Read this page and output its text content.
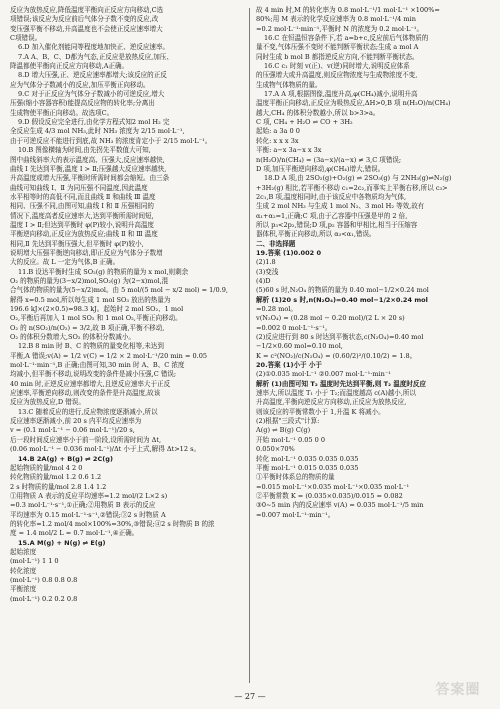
反应为放热反应,降低温度平衡向正反应方向移动,C选
项错误;该反应为反应前后气体分子数不变的反应,改
变压强平衡不移动,升高温度也不会使正反应速率增大
C项错误。
6.D 加入催化剂能同等程度地加快正、逆反应速率。
7.A A、B、C、D都为气态,正反应是放热反应,加压、
降温都使平衡向正反应方向移动,A正确。
8.D 增大压强,正、逆反应速率都增大;该反应的正反
应为气体分子数减小的反应,加压平衡正向移动。
9.C 对于正反应为气体分子数减小的可逆反应,增大
压强(缩小容器容积)能提高反应物的转化率;分离出
生成物使平衡正向移动。故选项C。
9.D 假设反应完全进行,由化学方程式知2 mol H₂ 完
全反应生成 4/3 mol NH₃,此时 NH₃ 浓度为 2/15 mol·L⁻¹,
由于可逆反应不能进行到底,故 NH₃ 的浓度肯定小于 2/15 mol·L⁻¹。
10.B 图像横轴为时间,由先拐先平数值大可知,
图中曲线斜率大的表示温度高、压强大,反应速率越快,
曲线 Ⅰ 先达到平衡,温度 Ⅰ > Ⅱ;压强越大反应速率越快,
升高温度或增大压强,平衡时所需时间都会缩短。由三条
曲线可知曲线 Ⅰ、Ⅱ 为同压强不同温度,因此温度
水平相等时的高低不同,而且曲线 Ⅱ 和曲线 Ⅲ 温度
相同、压强不同,由图可知,曲线 Ⅰ 和 Ⅱ 压强相同的
情况下,温度高者反应速率大,达到平衡所需时间短,
温度 Ⅰ > Ⅱ;但达到平衡时 φ(P)较小,说明升高温度
平衡逆向移动,正反应为放热反应;曲线 Ⅱ 和 Ⅲ 温度
相同,Ⅱ 先达到平衡压强大,但平衡时 φ(P)较小,
说明增大压强平衡逆向移动,即正反应为气体分子数增
大的反应。故 L 一定为气体,B 正确。
11.B 设达平衡时生成 SO₂(g) 的物质的量为 x mol,则剩余
O₂ 的物质的量为(3−x/2)mol,SO₂(g) 为(2−x)mol,混
合气体的物质的量为(5−x/2)mol。由 5 mol/(5 mol − x/2 mol) = 1/0.9,
解得 x=0.5 mol,所以每生成 1 mol SO₃ 放出的热量为
196.6 kJ×(2×0.5)=98.3 kJ。起始时 2 mol SO₂、1 mol
O₂,平衡后再加入 1 mol SO₂ 和 1 mol O₂,平衡正向移动。
O₂ 的 n(SO₂)/n(O₂) = 3/2,故 B 项正确,平衡不移动,
O₂ 的体积分数增大,SO₂ 的体积分数减小。
12.B 8 min 时 B、C 的物质的量变化相等,未达到
平衡,A 错误;v(A) = 1/2 v(C) = 1/2 × 2 mol·L⁻¹/20 min = 0.05
mol·L⁻¹·min⁻¹,B 正确;由图可知,30 min 时 A、B、C 浓度
均减小,但平衡不移动,说明改变的条件是减小压强,C 错误;
40 min 时,正逆反应速率都增大,且逆反应速率大于正反
应速率,平衡逆向移动,则改变的条件是升高温度,故该
反应为放热反应,D 错误。
13.C 随着反应的进行,反应物浓度逐渐减小,所以
反应速率逐渐减小,前 20 s 内平均反应速率为
v = (0.1 mol·L⁻¹ − 0.06 mol·L⁻¹)/20 s,
后一段时间反应速率小于前一阶段,设所需时间为 Δt,
(0.06 mol·L⁻¹ − 0.036 mol·L⁻¹)/Δt 小于上式,解得 Δt>12 s。
14.B 2A(g) + B(g) ⇌ 2C(g)
起始物质的量/mol 4 2 0
转化物质的量/mol 1.2 0.6 1.2
2 s 时物质的量/mol 2.8 1.4 1.2
①用物质 A 表示的反应平均速率=1.2 mol/(2 L×2 s)
=0.3 mol·L⁻¹·s⁻¹,①正确;②用物质 B 表示的反应
平均速率为 0.15 mol·L⁻¹·s⁻¹,②错误;③2 s 时物质 A
的转化率=1.2 mol/4 mol×100%=30%,③错误;④2 s 时物质 B 的浓
度 = 1.4 mol/2 L = 0.7 mol·L⁻¹,④正确。
15.A M(g) + N(g) ⇌ E(g)
起始浓度
(mol·L⁻¹) 1 1 0
转化浓度
(mol·L⁻¹) 0.8 0.8 0.8
平衡浓度
(mol·L⁻¹) 0.2 0.2 0.8
故 4 min 时,M 的转化率为 0.8 mol·L⁻¹/1 mol·L⁻¹ ×100%=
80%;用 M 表示的化学反应速率为 0.8 mol·L⁻¹/4 min
=0.2 mol·L⁻¹·min⁻¹,平衡时 N 的浓度为 0.2 mol·L⁻¹。
16.C 在恒温恒容条件下,若 a=b+c,反应前后气体物质的
量不变,气体压强不变时不能判断平衡状态;生成 a mol A
同时生成 b mol B 都指逆反应方向,不能判断平衡状态。
16.C c₁ 时刻 v(正)、v(逆)同时增大,说明反应体系
的压强增大或升高温度,则反应物浓度与生成物浓度不变,
生成物气体物质的量。
17.A A 项,根据图像,温度升高,φ(CH₄)减小,说明升高
温度平衡正向移动,正反应为吸热反应,ΔH>0,B 项 n(H₂O)/n(CH₄)
越大,CH₄ 的体积分数越小,所以 b>3>a。
C 项, CH₄ + H₂O ⇌ CO + 3H₂
起始: a 3a 0 0
转化: x x x 3x
平衡: a−x 3a−x x 3x
n(H₂O)/n(CH₄) = (3a−x)/(a−x) ≠ 3,C 项错误;
D 项,加压平衡逆向移动,φ(CH₄)增大,错误。
18.D A 项,由 2SO₂(g)+O₂(g) ⇌ 2SO₃(g) 与 2NH₃(g)⇌N₂(g)
+3H₂(g) 相比,若平衡不移动 c₁=2c₂,而事实上平衡右移,所以 c₃>
2c₁,B 项,温度相同时,由于该反应中各物质均为气体,
生成 2 mol NH₃ 与生成 1 mol N₂、3 mol H₂ 等效,故有
α₁+α₂=1,正确;C 项,由于乙容器中压强是甲的 2 倍,
所以 p₃<2p₂,错误;D 项,p₂ 容器和甲相比,相当于压缩容
器体积,平衡正向移动,所以 α₃<α₁,错误。
二、非选择题
19.答案 (1)0.002 0
(2)1.8
(3)变浅
(4)D
(5)60 s 时,N₂O₄ 的物质的量为 0.40 mol−1/2×0.24 mol
解析 (1)20 s 时,n(N₂O₄)=0.40 mol−1/2×0.24 mol
=0.28 mol。
v(N₂O₄) = (0.28 mol − 0.20 mol)/(2 L × 20 s)
=0.002 0 mol·L⁻¹·s⁻¹。
(2)反应进行到 80 s 时达到平衡状态,c(N₂O₄)=0.40 mol
−1/2×0.60 mol=0.10 mol,
K = c²(NO₂)/c(N₂O₄) = (0.60/2)²/(0.10/2) = 1.8。
20.答案 (1)小于 小于
(2)①0.035 mol·L⁻¹ ②0.007 mol·L⁻¹·min⁻¹
解析 (1)由图可知 T₂ 温度时先达到平衡,则 T₂ 温度时反应
速率大,所以温度 T₁ 小于 T₂;而温度越高 c(A)越小,所以
升高温度,平衡向逆反应方向移动,正反应为放热反应,
则该反应的平衡常数小于 1,升温 K 将减小。
(2)根据"三段式"计算:
A(g) ⇌ B(g) C(g)
开始 mol·L⁻¹ 0.05 0 0
0.050×70%
转化 mol·L⁻¹ 0.035 0.035 0.035
平衡 mol·L⁻¹ 0.015 0.035 0.035
①平衡时体系总的物质的量
=0.015 mol·L⁻¹×0.035 mol·L⁻¹×0.035 mol·L⁻¹
②平衡常数 K = (0.035×0.035)/0.015 = 0.082
③0~5 min 内的反应速率 v(A) = 0.035 mol·L⁻¹/5 min
=0.007 mol·L⁻¹·min⁻¹。
— 27 —	答案圈
